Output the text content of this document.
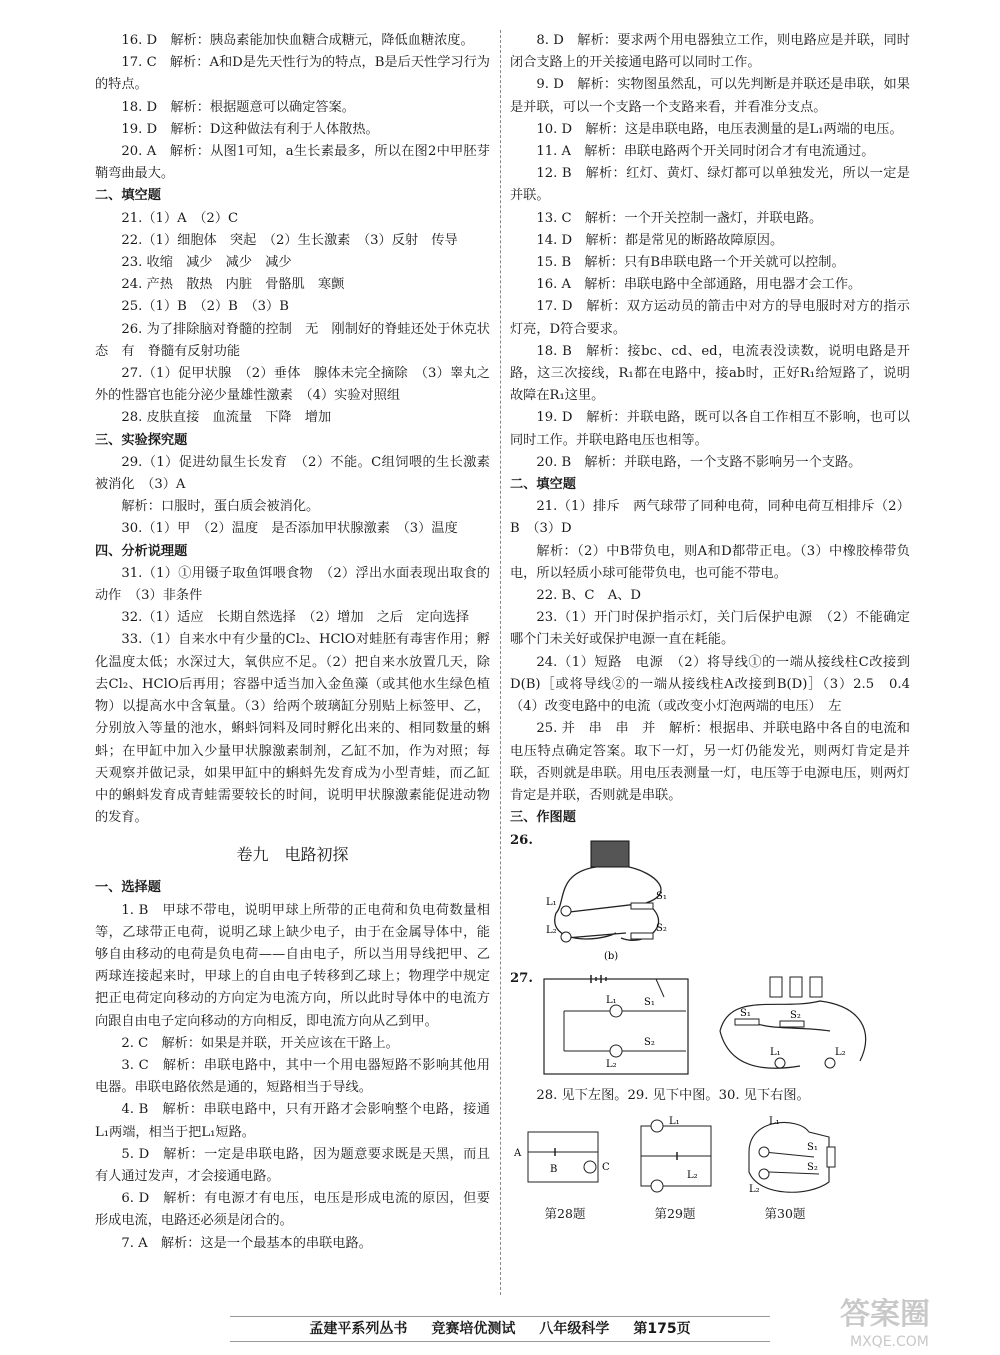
16. D　解析：胰岛素能加快血糖合成糖元，降低血糖浓度。

17. C　解析：A和D是先天性行为的特点，B是后天性学习行为的特点。

18. D　解析：根据题意可以确定答案。

19. D　解析：D这种做法有利于人体散热。

20. A　解析：从图1可知，a生长素最多，所以在图2中甲胚芽鞘弯曲最大。

二、填空题

21.（1）A　（2）C

22.（1）细胞体　突起　（2）生长激素　（3）反射　传导

23. 收缩　减少　减少　减少

24. 产热　散热　内脏　骨骼肌　寒颤

25.（1）B　（2）B　（3）B

26. 为了排除脑对脊髓的控制　无　刚制好的脊蛙还处于休克状态　有　脊髓有反射功能

27.（1）促甲状腺　（2）垂体　腺体未完全摘除　（3）睾丸之外的性器官也能分泌少量雄性激素　（4）实验对照组

28. 皮肤直接　血流量　下降　增加

三、实验探究题

29.（1）促进幼鼠生长发育　（2）不能。C组饲喂的生长激素被消化　（3）A

解析：口服时，蛋白质会被消化。

30.（1）甲　（2）温度　是否添加甲状腺激素　（3）温度

四、分析说理题

31.（1）①用镊子取鱼饵喂食物　（2）浮出水面表现出取食的动作　（3）非条件

32.（1）适应　长期自然选择　（2）增加　之后　定向选择

33.（1）自来水中有少量的Cl₂、HClO对蛙胚有毒害作用；孵化温度太低；水深过大，氧供应不足。（2）把自来水放置几天，除去Cl₂、HClO后再用；容器中适当加入金鱼藻（或其他水生绿色植物）以提高水中含氧量。（3）给两个玻璃缸分别贴上标签甲、乙，分别放入等量的池水，蝌蚪饲料及同时孵化出来的、相同数量的蝌蚪；在甲缸中加入少量甲状腺激素制剂，乙缸不加，作为对照；每天观察并做记录，如果甲缸中的蝌蚪先发育成为小型青蛙，而乙缸中的蝌蚪发育成青蛙需要较长的时间，说明甲状腺激素能促进动物的发育。

卷九　电路初探

一、选择题

1. B　甲球不带电，说明甲球上所带的正电荷和负电荷数量相等，乙球带正电荷，说明乙球上缺少电子，由于在金属导体中，能够自由移动的电荷是负电荷——自由电子，所以当用导线把甲、乙两球连接起来时，甲球上的自由电子转移到乙球上；物理学中规定把正电荷定向移动的方向定为电流方向，所以此时导体中的电流方向跟自由电子定向移动的方向相反，即电流方向从乙到甲。

2. C　解析：如果是并联，开关应该在干路上。

3. C　解析：串联电路中，其中一个用电器短路不影响其他用电器。串联电路依然是通的，短路相当于导线。

4. B　解析：串联电路中，只有开路才会影响整个电路，接通L₁两端，相当于把L₁短路。

5. D　解析：一定是串联电路，因为题意要求既是天黑，而且有人通过发声，才会接通电路。

6. D　解析：有电源才有电压，电压是形成电流的原因，但要形成电流，电路还必须是闭合的。

7. A　解析：这是一个最基本的串联电路。

8. D　解析：要求两个用电器独立工作，则电路应是并联，同时闭合支路上的开关接通电路可以同时工作。

9. D　解析：实物图虽然乱，可以先判断是并联还是串联，如果是并联，可以一个支路一个支路来看，并看准分支点。

10. D　解析：这是串联电路，电压表测量的是L₁两端的电压。

11. A　解析：串联电路两个开关同时闭合才有电流通过。

12. B　解析：红灯、黄灯、绿灯都可以单独发光，所以一定是并联。

13. C　解析：一个开关控制一盏灯，并联电路。

14. D　解析：都是常见的断路故障原因。

15. B　解析：只有B串联电路一个开关就可以控制。

16. A　解析：串联电路中全部通路，用电器才会工作。

17. D　解析：双方运动员的箭击中对方的导电服时对方的指示灯亮，D符合要求。

18. B　解析：接bc、cd、ed，电流表没读数，说明电路是开路，这三次接线，R₁都在电路中，接ab时，正好R₁给短路了，说明故障在R₁这里。

19. D　解析：并联电路，既可以各自工作相互不影响，也可以同时工作。并联电路电压也相等。

20. B　解析：并联电路，一个支路不影响另一个支路。

二、填空题

21.（1）排斥　两气球带了同种电荷，同种电荷互相排斥（2）B　（3）D

解析：（2）中B带负电，则A和D都带正电。（3）中橡胶棒带负电，所以轻质小球可能带负电，也可能不带电。

22. B、C　A、D

23.（1）开门时保护指示灯，关门后保护电源　（2）不能确定哪个门未关好或保护电源一直在耗能。

24.（1）短路　电源　（2）将导线①的一端从接线柱C改接到D(B)［或将导线②的一端从接线柱A改接到B(D)］（3）2.5　0.4　（4）改变电路中的电流（或改变小灯泡两端的电压）　左

25. 并　串　串　并　解析：根据串、并联电路中各自的电流和电压特点确定答案。取下一灯，另一灯仍能发光，则两灯肯定是并联，否则就是串联。用电压表测量一灯，电压等于电源电压，则两灯肯定是并联，否则就是串联。

三、作图题

26.
L₁
L₂
S₁
S₂
(b)
27.
L₁
L₂
S₁
S₂
L₁	L₂
S₁	S₂

28. 见下左图。29. 见下中图。30. 见下右图。

A
B	C
L₁
L₂
L₁
L₂
S₁
S₂
第28题	第29题	第30题
孟建平系列丛书 竞赛培优测试 八年级科学 第175页	答案圈
MXQE.COM
